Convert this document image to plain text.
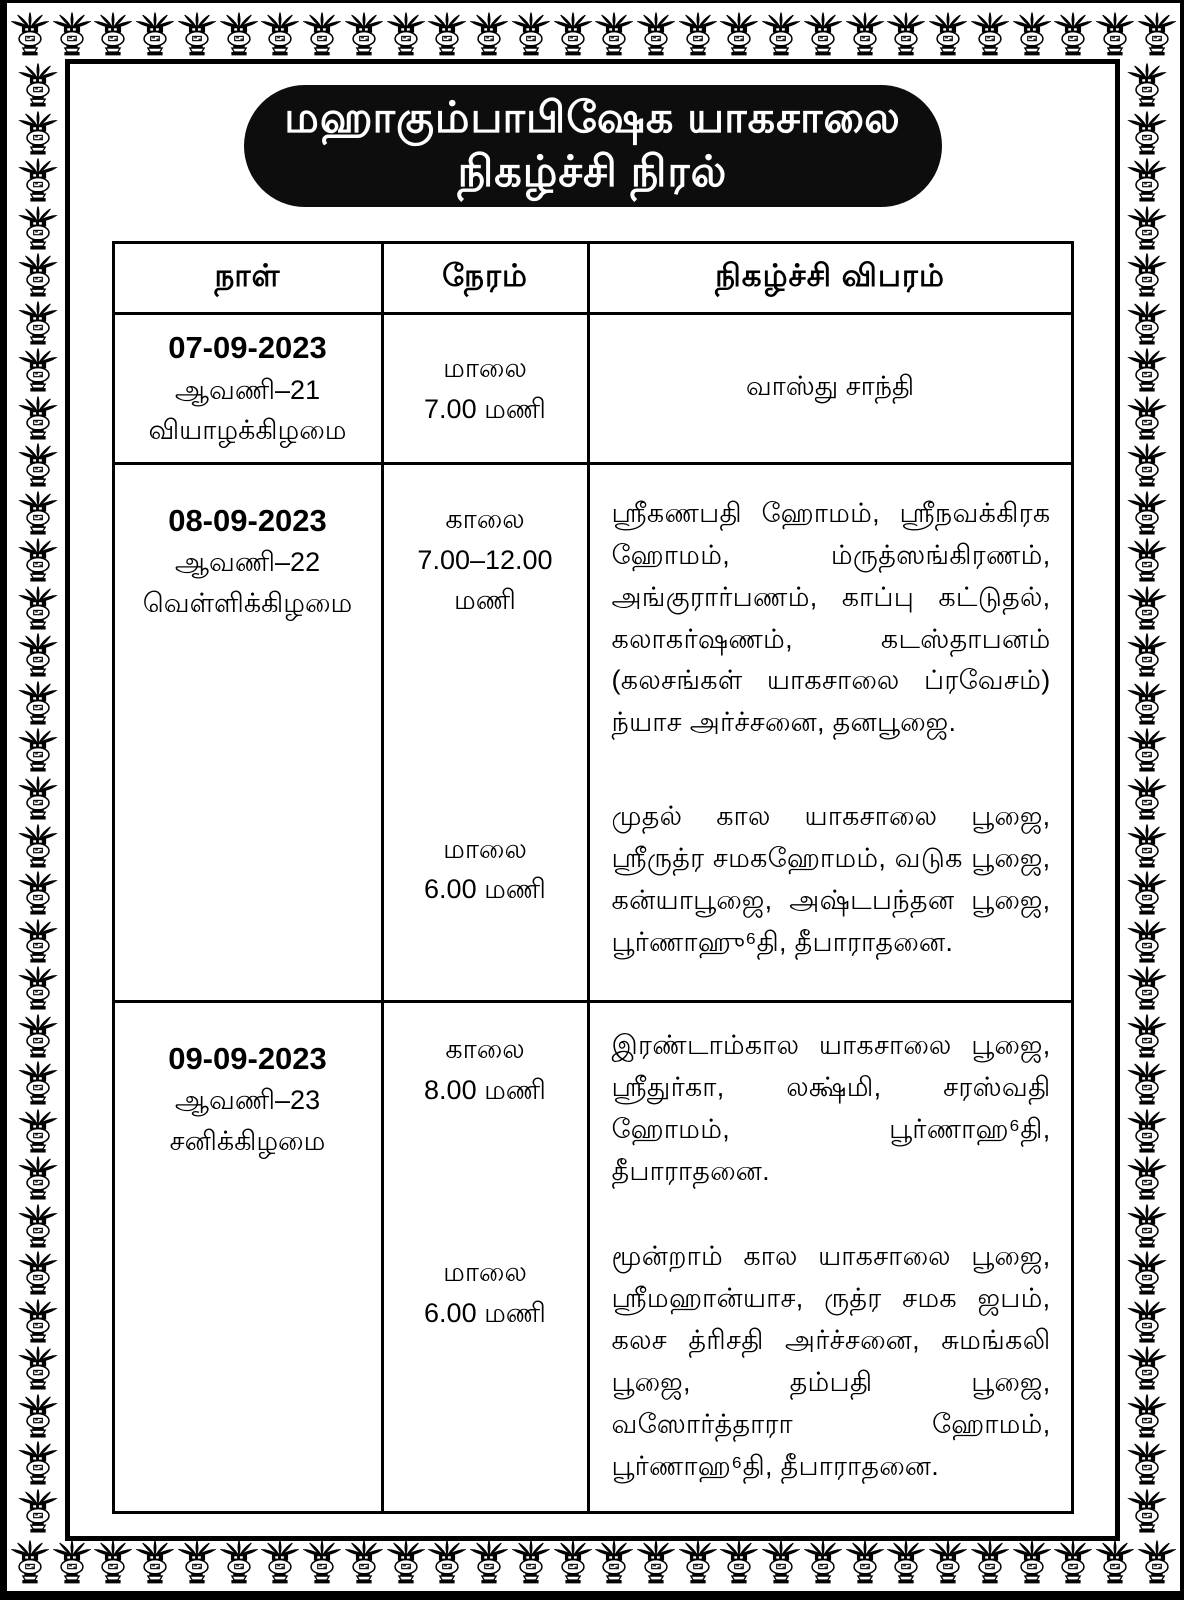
மஹாகும்பாபிஷேக யாகசாலை
நிகழ்ச்சி நிரல்
நாள்	நேரம்	நிகழ்ச்சி விபரம்
07-09-2023
ஆவணி–21
வியாழக்கிழமை
மாலை
7.00 மணி
வாஸ்து சாந்தி
08-09-2023
ஆவணி–22
வெள்ளிக்கிழமை
காலை
7.00–12.00
மணி
மாலை
6.00 மணி

ஸ்ரீகணபதி ஹோமம், ஸ்ரீநவக்கிரக ஹோமம், ம்ருத்ஸங்கிரணம், அங்குரார்பணம், காப்பு கட்டுதல், கலாகர்ஷணம், கடஸ்தாபனம் (கலசங்கள் யாகசாலை ப்ரவேசம்) ந்யாச அர்ச்சனை, தனபூஜை.

முதல் கால யாகசாலை பூஜை, ஸ்ரீருத்ர சமகஹோமம், வடுக பூஜை, கன்யாபூஜை, அஷ்டபந்தன பூஜை, பூர்ணாஹு⁶தி, தீபாராதனை.

09-09-2023
ஆவணி–23
சனிக்கிழமை
காலை
8.00 மணி
மாலை
6.00 மணி

இரண்டாம்கால யாகசாலை பூஜை, ஸ்ரீதுர்கா, லக்ஷ்மி, சரஸ்வதி ஹோமம், பூர்ணாஹ⁶தி, தீபாராதனை.

மூன்றாம் கால யாகசாலை பூஜை, ஸ்ரீமஹான்யாச, ருத்ர சமக ஜபம், கலச த்ரிசதி அர்ச்சனை, சுமங்கலி பூஜை, தம்பதி பூஜை, வஸோர்த்தாரா ஹோமம், பூர்ணாஹ⁶தி, தீபாராதனை.
